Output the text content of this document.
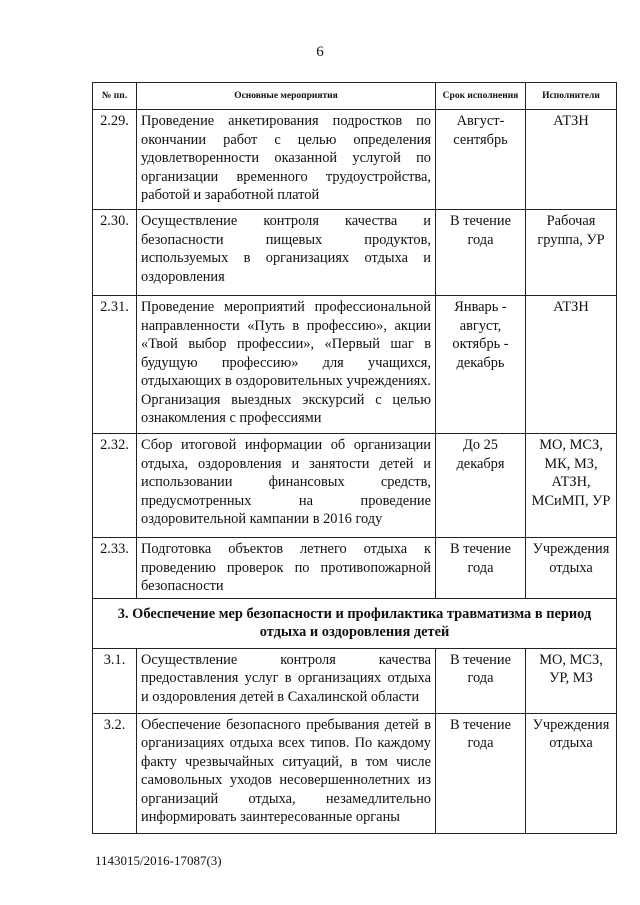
6
№ пп.	Основные мероприятия	Срок исполнения	Исполнители
2.29.	Проведение анкетирования подростков по окончании работ с целью определения удовлетворенности оказанной услугой по организации временного трудоустройства, работой и заработной платой	Август-сентябрь	АТЗН
2.30.	Осуществление контроля качества и безопасности пищевых продуктов, используемых в организациях отдыха и оздоровления	В течение года	Рабочая группа, УР
2.31.	Проведение мероприятий профессиональной направленности «Путь в профессию», акции «Твой выбор профессии», «Первый шаг в будущую профессию» для учащихся, отдыхающих в оздоровительных учреждениях. Организация выездных экскурсий с целью ознакомления с профессиями	Январь - август, октябрь - декабрь	АТЗН
2.32.	Сбор итоговой информации об организации отдыха, оздоровления и занятости детей и использовании финансовых средств, предусмотренных на проведение оздоровительной кампании в 2016 году	До 25 декабря	МО, МСЗ, МК, МЗ, АТЗН, МСиМП, УР
2.33.	Подготовка объектов летнего отдыха к проведению проверок по противопожарной безопасности	В течение года	Учреждения отдыха
3. Обеспечение мер безопасности и профилактика травматизма в период отдыха и оздоровления детей			
3.1.	Осуществление контроля качества предоставления услуг в организациях отдыха и оздоровления детей в Сахалинской области	В течение года	МО, МСЗ, УР, МЗ
3.2.	Обеспечение безопасного пребывания детей в организациях отдыха всех типов. По каждому факту чрезвычайных ситуаций, в том числе самовольных уходов несовершеннолетних из организаций отдыха, незамедлительно информировать заинтересованные органы	В течение года	Учреждения отдыха
1143015/2016-17087(3)
